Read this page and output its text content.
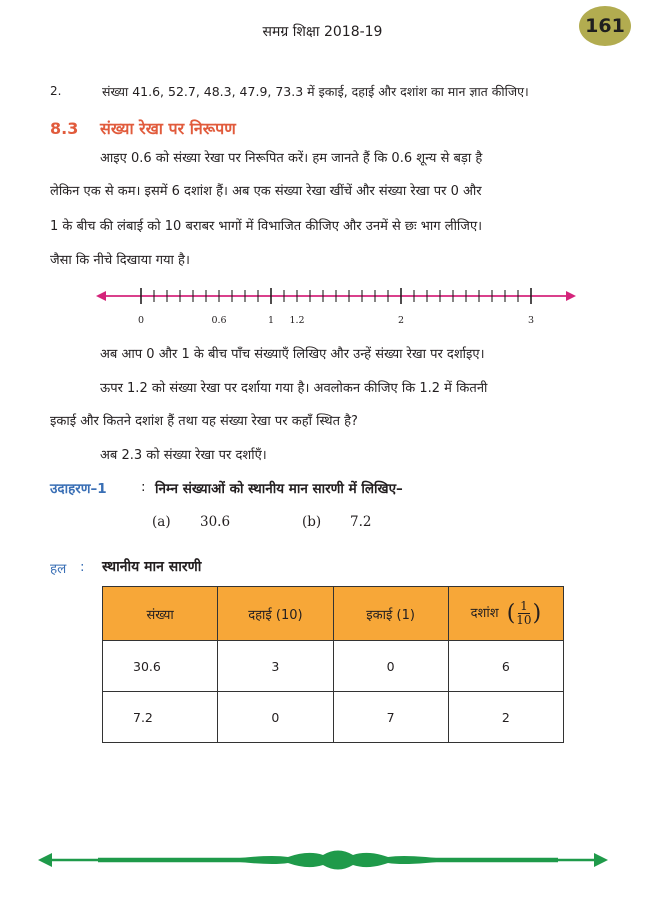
समग्र शिक्षा 2018-19	161
2.	संख्या 41.6, 52.7, 48.3, 47.9, 73.3 में इकाई, दहाई और दशांश का मान ज्ञात कीजिए।
8.3 संख्या रेखा पर निरूपण
आइए 0.6 को संख्या रेखा पर निरूपित करें। हम जानते हैं कि 0.6 शून्य से बड़ा है
लेकिन एक से कम। इसमें 6 दशांश हैं। अब एक संख्या रेखा खींचें और संख्या रेखा पर 0 और
1 के बीच की लंबाई को 10 बराबर भागों में विभाजित कीजिए और उनमें से छः भाग लीजिए।
जैसा कि नीचे दिखाया गया है।
0	0.6	1 1.2	2	3
अब आप 0 और 1 के बीच पाँच संख्याएँ लिखिए और उन्हें संख्या रेखा पर दर्शाइए।
ऊपर 1.2 को संख्या रेखा पर दर्शाया गया है। अवलोकन कीजिए कि 1.2 में कितनी
इकाई और कितने दशांश हैं तथा यह संख्या रेखा पर कहाँ स्थित है?
अब 2.3 को संख्या रेखा पर दर्शाएँ।
उदाहरण–1	: निम्न संख्याओं को स्थानीय मान सारणी में लिखिए–
(a) 30.6	(b) 7.2
हल : स्थानीय मान सारणी
संख्या	दहाई (10)	इकाई (1)	दशांश ( $\frac{1}{10}$ )
30.6	3	0	6
7.2	0	7	2
